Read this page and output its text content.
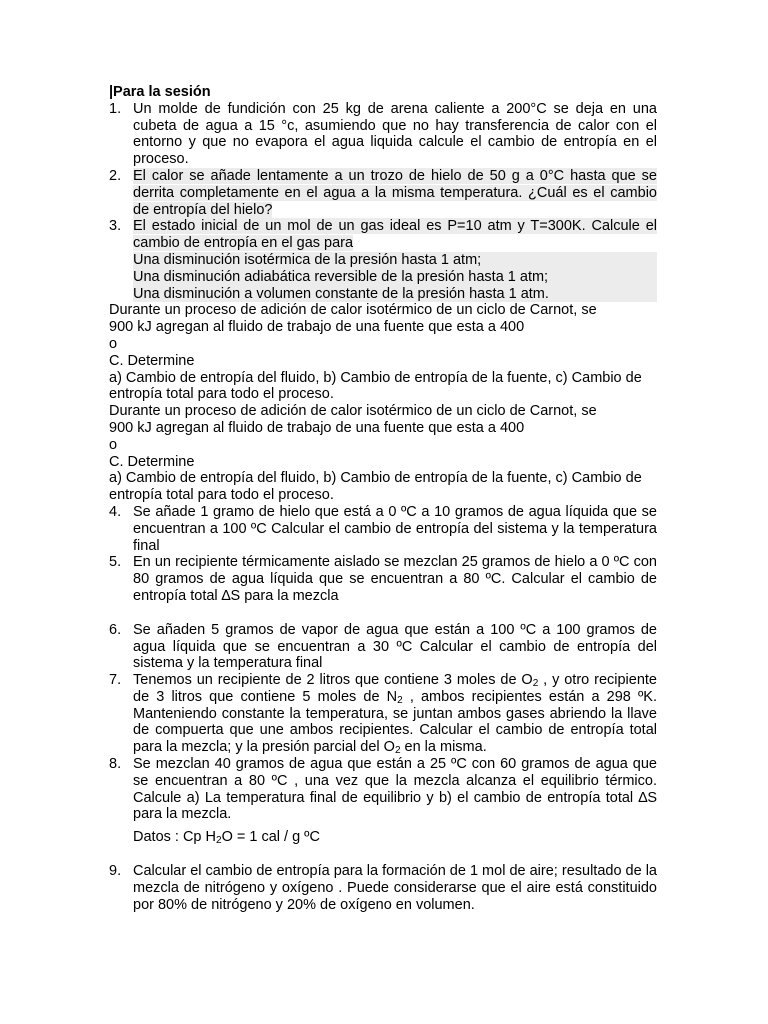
|Para la sesión

1. Un molde de fundición con 25 kg de arena caliente a 200°C se deja en una cubeta de agua a 15 °c, asumiendo que no hay transferencia de calor con el entorno y que no evapora el agua liquida calcule el cambio de entropía en el proceso.
2. El calor se añade lentamente a un trozo de hielo de 50 g a 0°C hasta que se derrita completamente en el agua a la misma temperatura. ¿Cuál es el cambio de entropía del hielo?
3. El estado inicial de un mol de un gas ideal es P=10 atm y T=300K. Calcule el cambio de entropía en el gas para
Una disminución isotérmica de la presión hasta 1 atm;
Una disminución adiabática reversible de la presión hasta 1 atm;
Una disminución a volumen constante de la presión hasta 1 atm.
Durante un proceso de adición de calor isotérmico de un ciclo de Carnot, se
900 kJ agregan al fluido de trabajo de una fuente que esta a 400
o
C. Determine
a) Cambio de entropía del fluido, b) Cambio de entropía de la fuente, c) Cambio de entropía total para todo el proceso.
Durante un proceso de adición de calor isotérmico de un ciclo de Carnot, se
900 kJ agregan al fluido de trabajo de una fuente que esta a 400
o
C. Determine
a) Cambio de entropía del fluido, b) Cambio de entropía de la fuente, c) Cambio de entropía total para todo el proceso.
4. Se añade 1 gramo de hielo que está a 0 ºC a 10 gramos de agua líquida que se encuentran a 100 ºC Calcular el cambio de entropía del sistema y la temperatura final
5. En un recipiente térmicamente aislado se mezclan 25 gramos de hielo a 0 ºC con 80 gramos de agua líquida que se encuentran a 80 ºC. Calcular el cambio de entropía total ∆S para la mezcla
6. Se añaden 5 gramos de vapor de agua que están a 100 ºC a 100 gramos de agua líquida que se encuentran a 30 ºC Calcular el cambio de entropía del sistema y la temperatura final
7. Tenemos un recipiente de 2 litros que contiene 3 moles de $O_2$ , y otro recipiente de 3 litros que contiene 5 moles de $N_2$ , ambos recipientes están a 298 ºK. Manteniendo constante la temperatura, se juntan ambos gases abriendo la llave de compuerta que une ambos recipientes. Calcular el cambio de entropía total para la mezcla; y la presión parcial del $O_2$ en la misma.
8. Se mezclan 40 gramos de agua que están a 25 ºC con 60 gramos de agua que se encuentran a 80 ºC , una vez que la mezcla alcanza el equilibrio térmico. Calcule a) La temperatura final de equilibrio y b) el cambio de entropía total ∆S para la mezcla.
Datos : Cp $H_2O = 1$ cal / g ºC
9. Calcular el cambio de entropía para la formación de 1 mol de aire; resultado de la mezcla de nitrógeno y oxígeno . Puede considerarse que el aire está constituido por 80% de nitrógeno y 20% de oxígeno en volumen.
